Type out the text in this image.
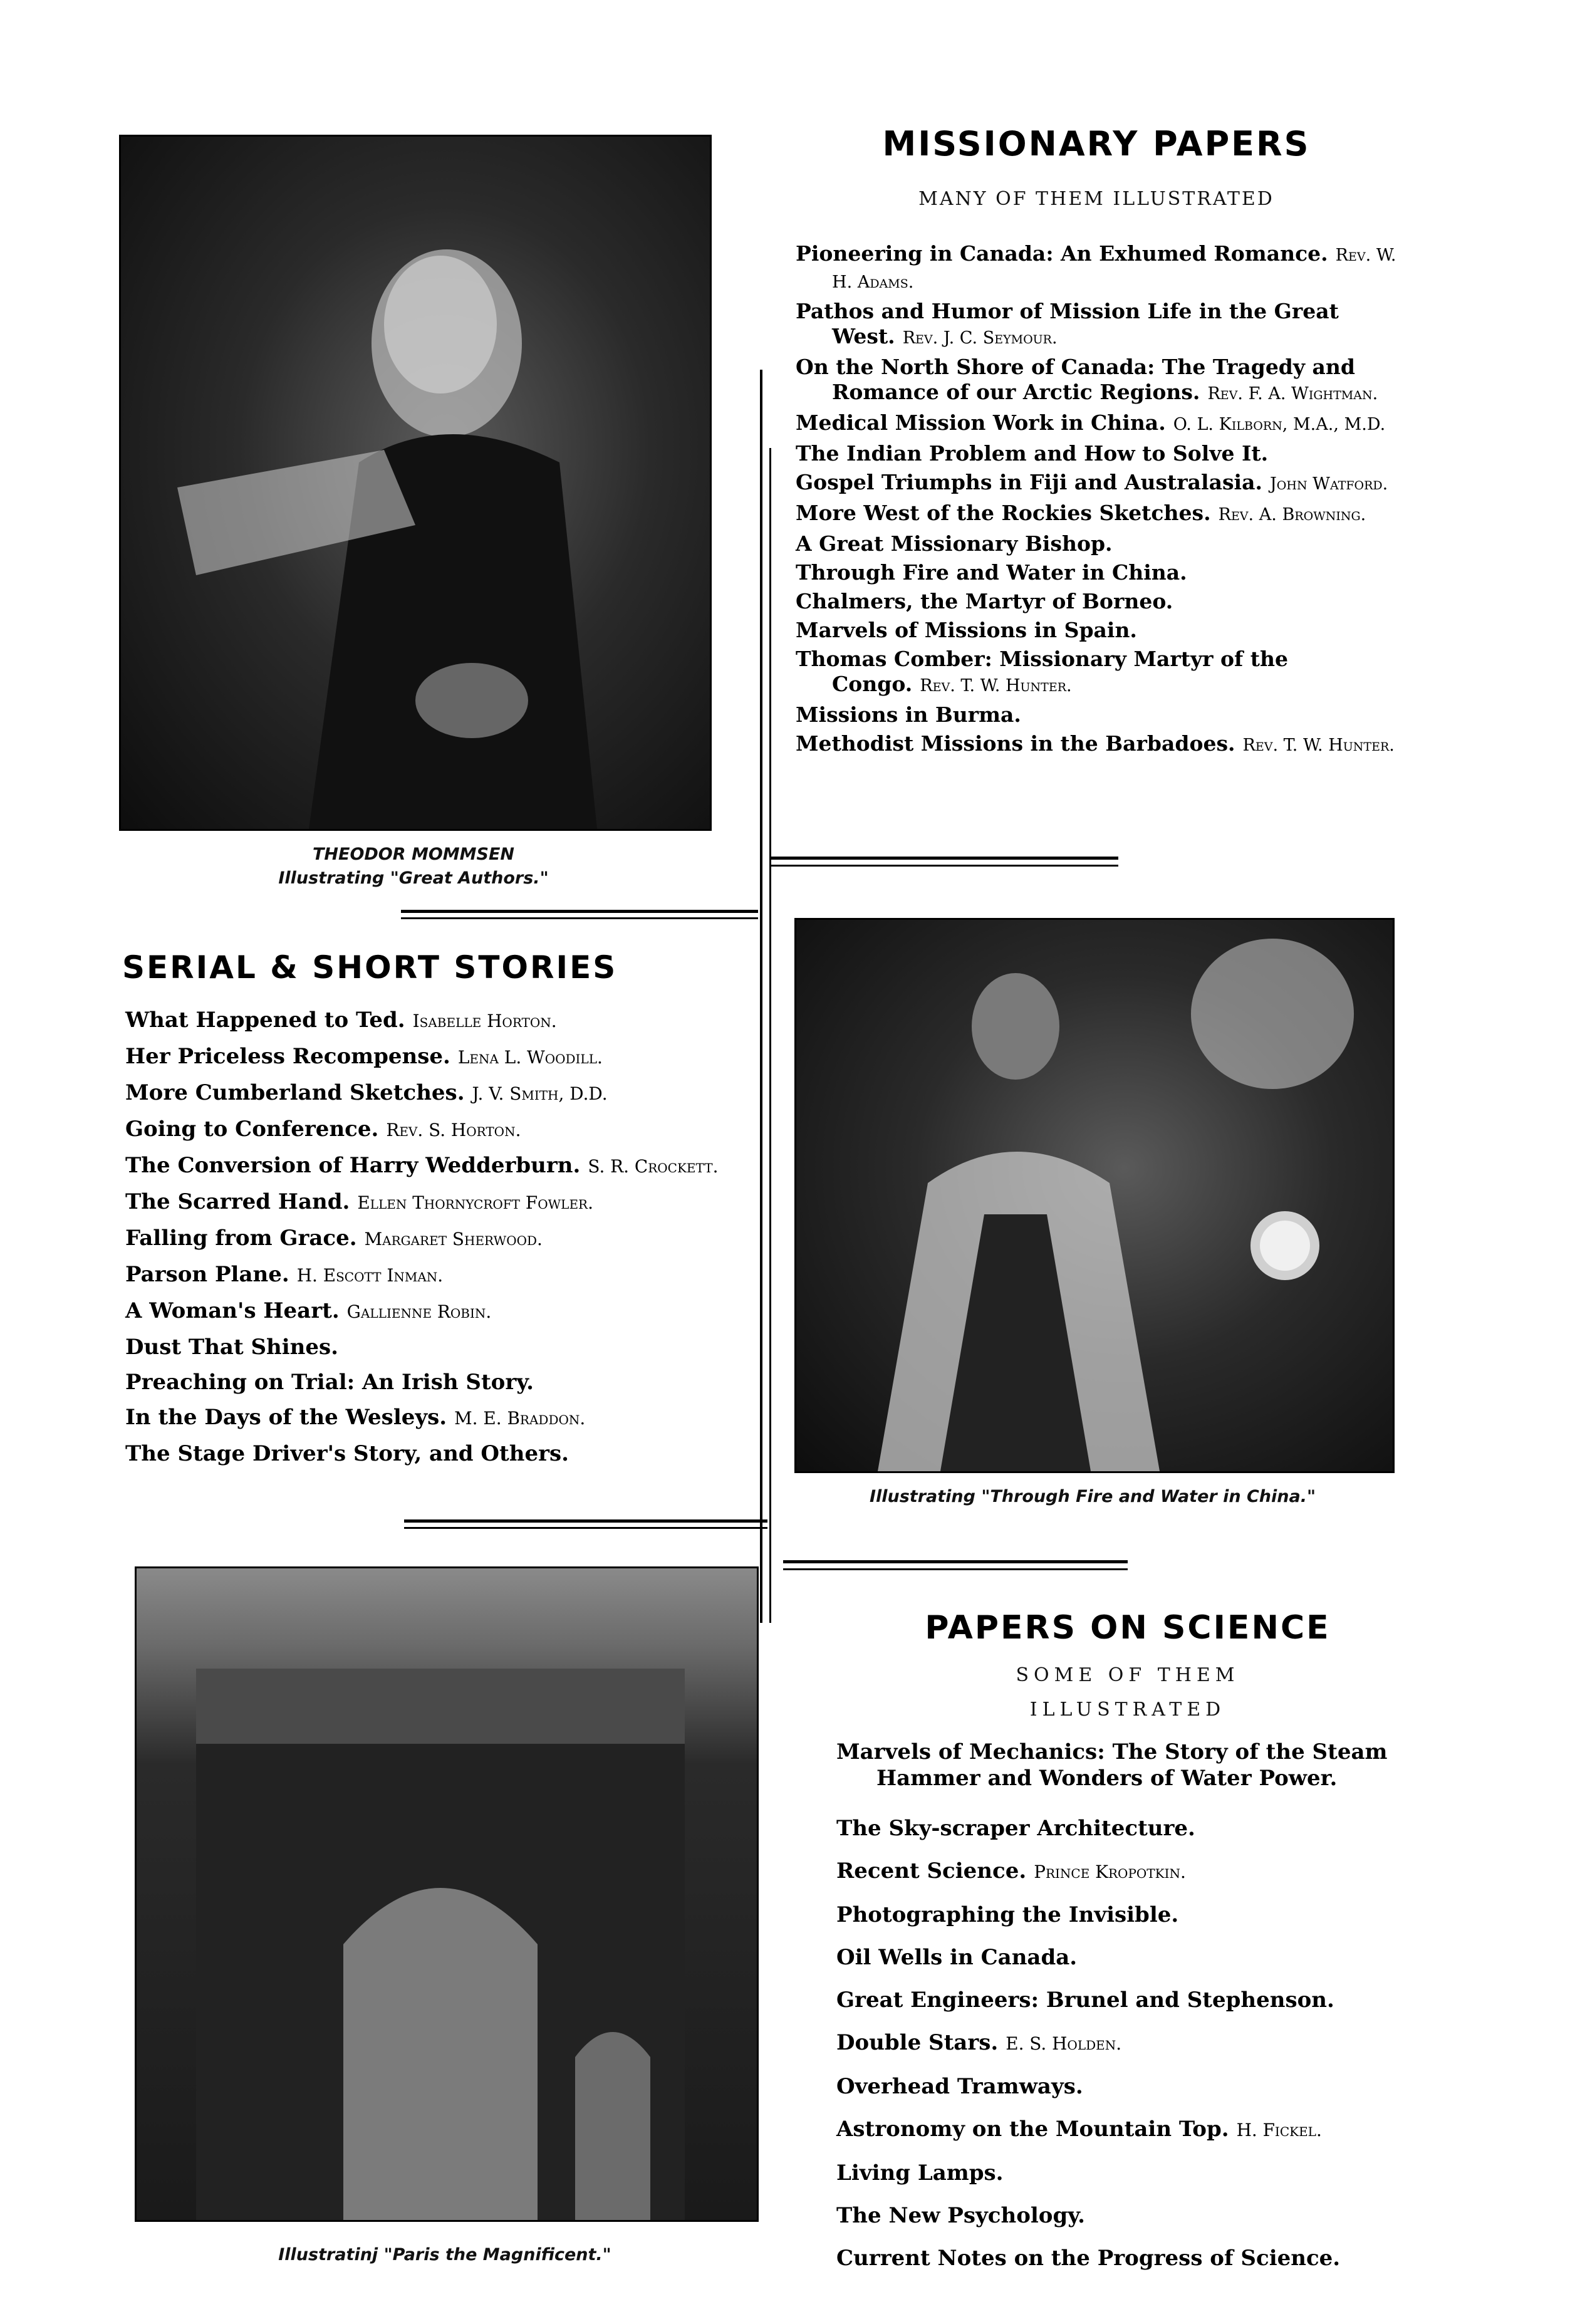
THEODOR MOMMSEN
Illustrating "Great Authors."
SERIAL & SHORT STORIES
What Happened to Ted. Isabelle Horton.
Her Priceless Recompense. Lena L. Woodill.
More Cumberland Sketches. J. V. Smith, D.D.
Going to Conference. Rev. S. Horton.
The Conversion of Harry Wedderburn. S. R. Crockett.
The Scarred Hand. Ellen Thornycroft Fowler.
Falling from Grace. Margaret Sherwood.
Parson Plane. H. Escott Inman.
A Woman's Heart. Gallienne Robin.
Dust That Shines.
Preaching on Trial: An Irish Story.
In the Days of the Wesleys. M. E. Braddon.
The Stage Driver's Story, and Others.
Illustratinj "Paris the Magnificent."
MISSIONARY PAPERS
MANY OF THEM ILLUSTRATED
Pioneering in Canada: An Exhumed Romance. Rev. W. H. Adams.
Pathos and Humor of Mission Life in the Great West. Rev. J. C. Seymour.
On the North Shore of Canada: The Tragedy and Romance of our Arctic Regions. Rev. F. A. Wightman.
Medical Mission Work in China. O. L. Kilborn, M.A., M.D.
The Indian Problem and How to Solve It.
Gospel Triumphs in Fiji and Australasia. John Watford.
More West of the Rockies Sketches. Rev. A. Browning.
A Great Missionary Bishop.
Through Fire and Water in China.
Chalmers, the Martyr of Borneo.
Marvels of Missions in Spain.
Thomas Comber: Missionary Martyr of the Congo. Rev. T. W. Hunter.
Missions in Burma.
Methodist Missions in the Barbadoes. Rev. T. W. Hunter.
Illustrating "Through Fire and Water in China."
PAPERS ON SCIENCE
SOME OF THEM
ILLUSTRATED
Marvels of Mechanics: The Story of the Steam Hammer and Wonders of Water Power.
The Sky-scraper Architecture.
Recent Science. Prince Kropotkin.
Photographing the Invisible.
Oil Wells in Canada.
Great Engineers: Brunel and Stephenson.
Double Stars. E. S. Holden.
Overhead Tramways.
Astronomy on the Mountain Top. H. Fickel.
Living Lamps.
The New Psychology.
Current Notes on the Progress of Science.
